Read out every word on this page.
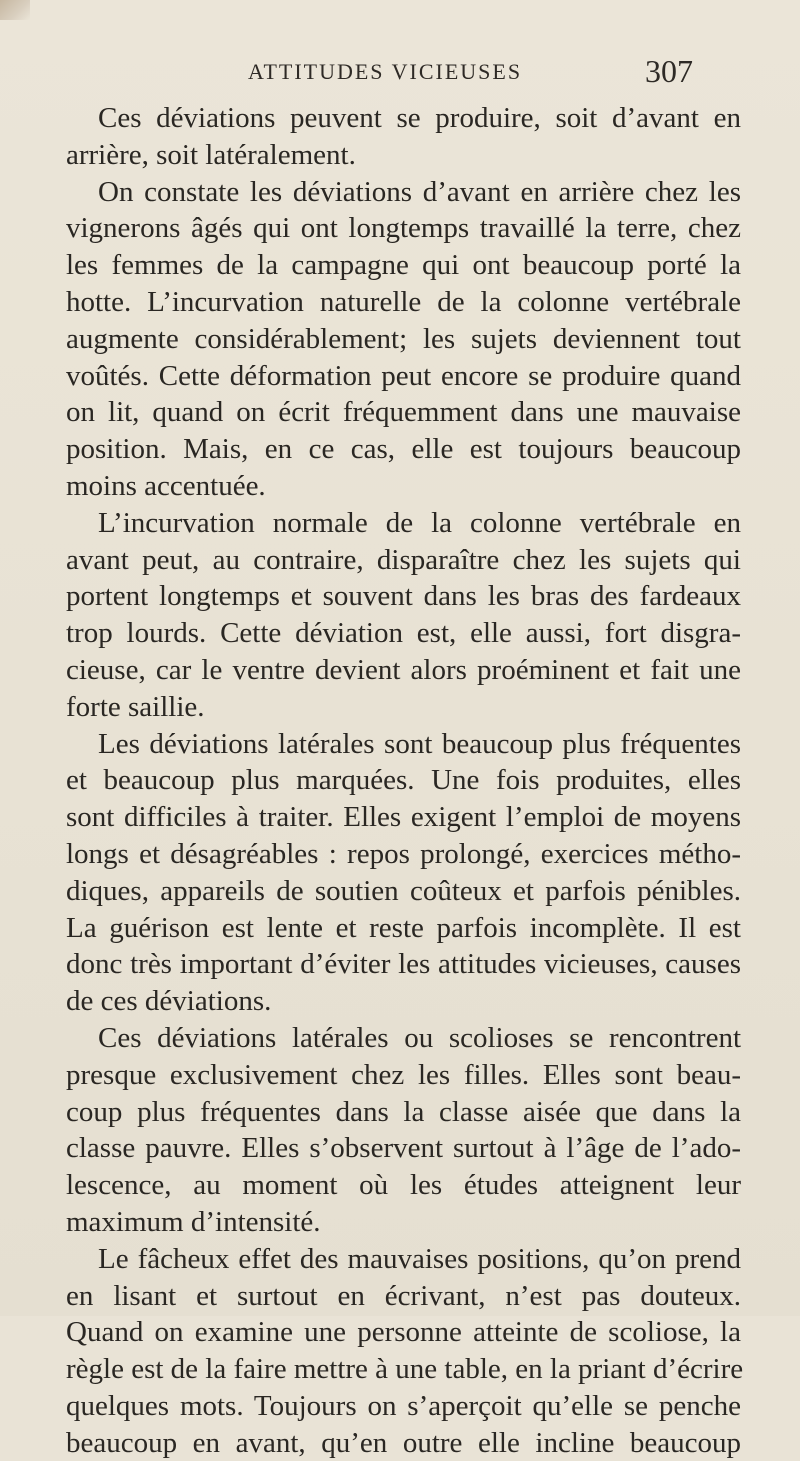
ATTITUDES VICIEUSES	307
Ces déviations peuvent se produire, soit d’avant en
arrière, soit latéralement.
On constate les déviations d’avant en arrière chez les
vignerons âgés qui ont longtemps travaillé la terre, chez
les femmes de la campagne qui ont beaucoup porté la
hotte. L’incurvation naturelle de la colonne vertébrale
augmente considérablement; les sujets deviennent tout
voûtés. Cette déformation peut encore se produire quand
on lit, quand on écrit fréquemment dans une mauvaise
position. Mais, en ce cas, elle est toujours beaucoup
moins accentuée.
L’incurvation normale de la colonne vertébrale en
avant peut, au contraire, disparaître chez les sujets qui
portent longtemps et souvent dans les bras des fardeaux
trop lourds. Cette déviation est, elle aussi, fort disgra-
cieuse, car le ventre devient alors proéminent et fait une
forte saillie.
Les déviations latérales sont beaucoup plus fréquentes
et beaucoup plus marquées. Une fois produites, elles
sont difficiles à traiter. Elles exigent l’emploi de moyens
longs et désagréables : repos prolongé, exercices métho-
diques, appareils de soutien coûteux et parfois pénibles.
La guérison est lente et reste parfois incomplète. Il est
donc très important d’éviter les attitudes vicieuses, causes
de ces déviations.
Ces déviations latérales ou scolioses se rencontrent
presque exclusivement chez les filles. Elles sont beau-
coup plus fréquentes dans la classe aisée que dans la
classe pauvre. Elles s’observent surtout à l’âge de l’ado-
lescence, au moment où les études atteignent leur
maximum d’intensité.
Le fâcheux effet des mauvaises positions, qu’on prend
en lisant et surtout en écrivant, n’est pas douteux.
Quand on examine une personne atteinte de scoliose, la
règle est de la faire mettre à une table, en la priant d’écrire
quelques mots. Toujours on s’aperçoit qu’elle se penche
beaucoup en avant, qu’en outre elle incline beaucoup
